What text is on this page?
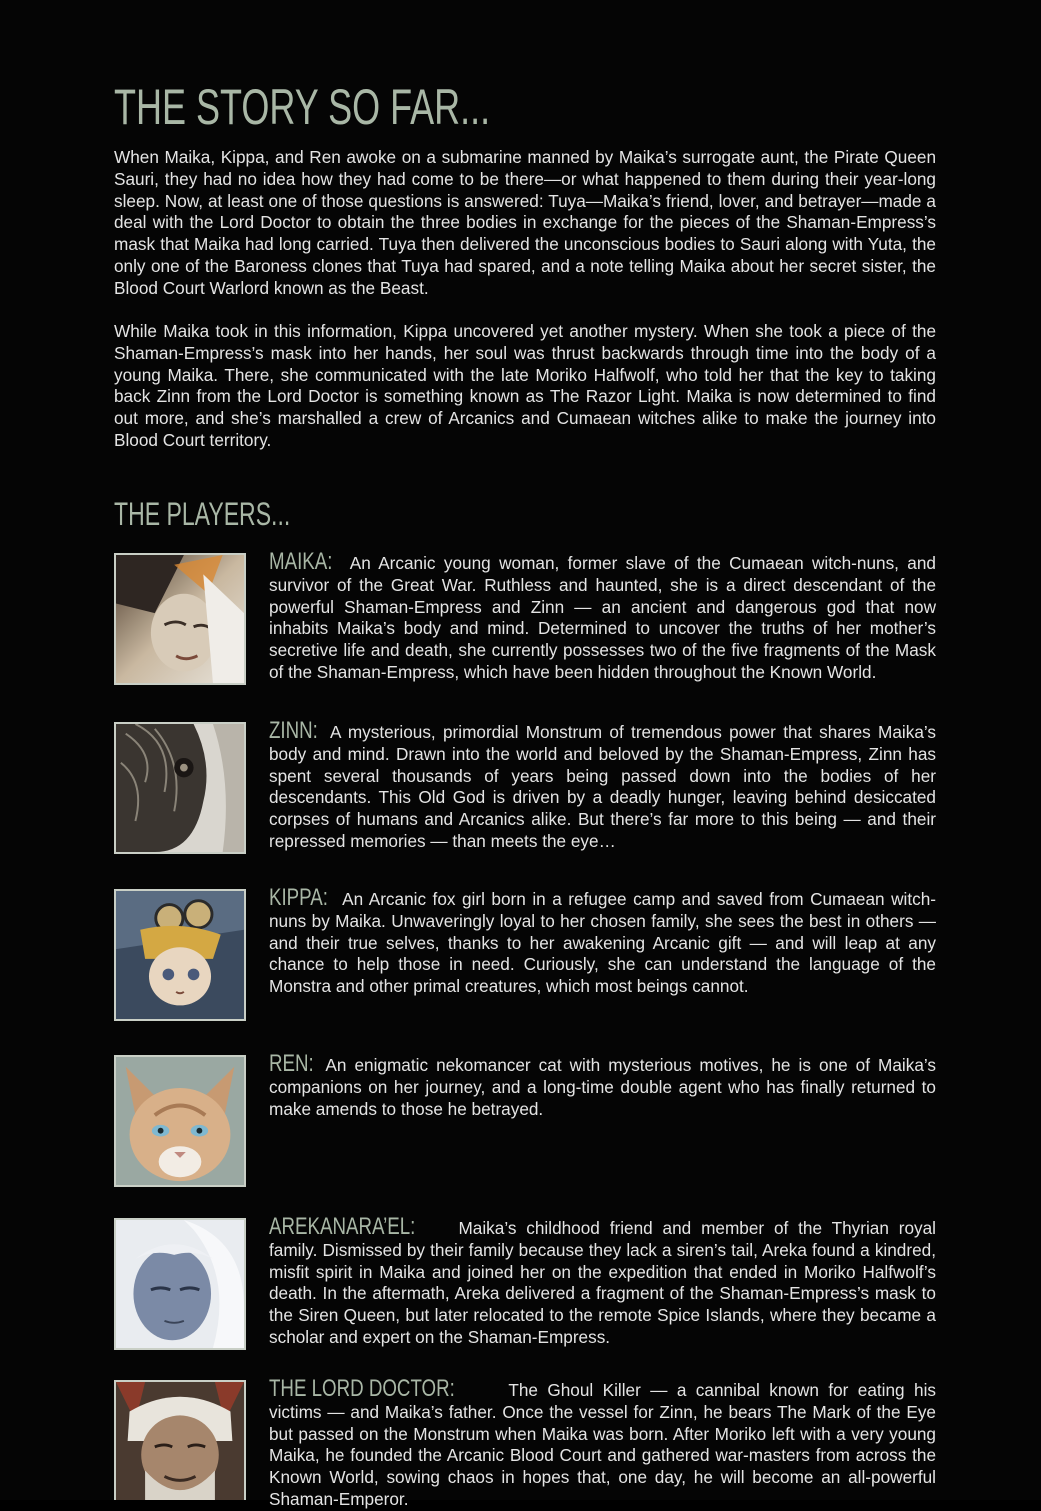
THE STORY SO FAR...

When Maika, Kippa, and Ren awoke on a submarine manned by Maika’s surrogate aunt, the Pirate Queen Sauri, they had no idea how they had come to be there—or what happened to them during their year-long sleep. Now, at least one of those questions is answered: Tuya—Maika’s friend, lover, and betrayer—made a deal with the Lord Doctor to obtain the three bodies in exchange for the pieces of the Shaman-Empress’s mask that Maika had long carried. Tuya then delivered the unconscious bodies to Sauri along with Yuta, the only one of the Baroness clones that Tuya had spared, and a note telling Maika about her secret sister, the Blood Court Warlord known as the Beast.

While Maika took in this information, Kippa uncovered yet another mystery. When she took a piece of the Shaman-Empress’s mask into her hands, her soul was thrust backwards through time into the body of a young Maika. There, she communicated with the late Moriko Halfwolf, who told her that the key to taking back Zinn from the Lord Doctor is something known as The Razor Light. Maika is now determined to find out more, and she’s marshalled a crew of Arcanics and Cumaean witches alike to make the journey into Blood Court territory.

THE PLAYERS...

MAIKA: An Arcanic young woman, former slave of the Cumaean witch-nuns, and survivor of the Great War. Ruthless and haunted, she is a direct descendant of the powerful Shaman-Empress and Zinn — an ancient and dangerous god that now inhabits Maika’s body and mind. Determined to uncover the truths of her mother’s secretive life and death, she currently possesses two of the five fragments of the Mask of the Shaman-Empress, which have been hidden throughout the Known World.

ZINN: A mysterious, primordial Monstrum of tremendous power that shares Maika’s body and mind. Drawn into the world and beloved by the Shaman-Empress, Zinn has spent several thousands of years being passed down into the bodies of her descendants. This Old God is driven by a deadly hunger, leaving behind desiccated corpses of humans and Arcanics alike. But there’s far more to this being — and their repressed memories — than meets the eye…

KIPPA: An Arcanic fox girl born in a refugee camp and saved from Cumaean witch-nuns by Maika. Unwaveringly loyal to her chosen family, she sees the best in others — and their true selves, thanks to her awakening Arcanic gift — and will leap at any chance to help those in need. Curiously, she can understand the language of the Monstra and other primal creatures, which most beings cannot.

REN: An enigmatic nekomancer cat with mysterious motives, he is one of Maika’s companions on her journey, and a long-time double agent who has finally returned to make amends to those he betrayed.

AREKANARA’EL: Maika’s childhood friend and member of the Thyrian royal family. Dismissed by their family because they lack a siren’s tail, Areka found a kindred, misfit spirit in Maika and joined her on the expedition that ended in Moriko Halfwolf’s death. In the aftermath, Areka delivered a fragment of the Shaman-Empress’s mask to the Siren Queen, but later relocated to the remote Spice Islands, where they became a scholar and expert on the Shaman-Empress.

THE LORD DOCTOR:	The Ghoul Killer — a cannibal known for eating his victims — and Maika’s father. Once the vessel for Zinn, he bears The Mark of the Eye but passed on the Monstrum when Maika was born. After Moriko left with a very young Maika, he founded the Arcanic Blood Court and gathered war-masters from across the Known World, sowing chaos in hopes that, one day, he will become an all-powerful Shaman-Emperor.
